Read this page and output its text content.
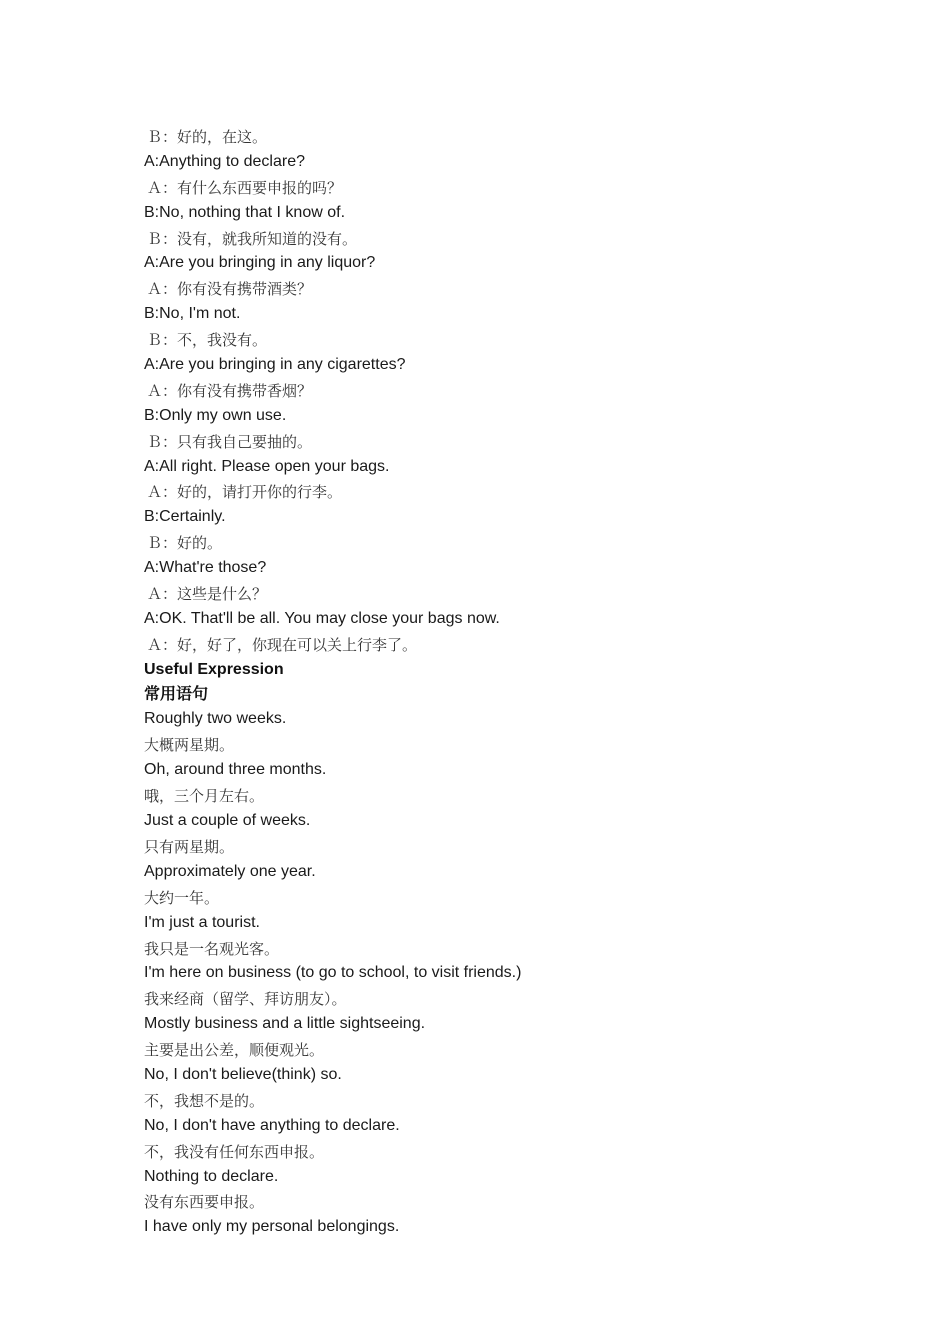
Ｂ：好的，在这。
A:Anything to declare?
Ａ：有什么东西要申报的吗？
B:No, nothing that I know of.
Ｂ：没有，就我所知道的没有。
A:Are you bringing in any liquor?
Ａ：你有没有携带酒类？
B:No, I'm not.
Ｂ：不，我没有。
A:Are you bringing in any cigarettes?
Ａ：你有没有携带香烟？
B:Only my own use.
Ｂ：只有我自己要抽的。
A:All right. Please open your bags.
Ａ：好的，请打开你的行李。
B:Certainly.
Ｂ：好的。
A:What're those?
Ａ：这些是什么？
A:OK. That'll be all. You may close your bags now.
Ａ：好，好了，你现在可以关上行李了。
Useful Expression
常用语句
Roughly two weeks.
大概两星期。
Oh, around three months.
哦，三个月左右。
Just a couple of weeks.
只有两星期。
Approximately one year.
大约一年。
I'm just a tourist.
我只是一名观光客。
I'm here on business (to go to school, to visit friends.)
我来经商（留学、拜访朋友）。
Mostly business and a little sightseeing.
主要是出公差，顺便观光。
No, I don't believe(think) so.
不，我想不是的。
No, I don't have anything to declare.
不，我没有任何东西申报。
Nothing to declare.
没有东西要申报。
I have only my personal belongings.
